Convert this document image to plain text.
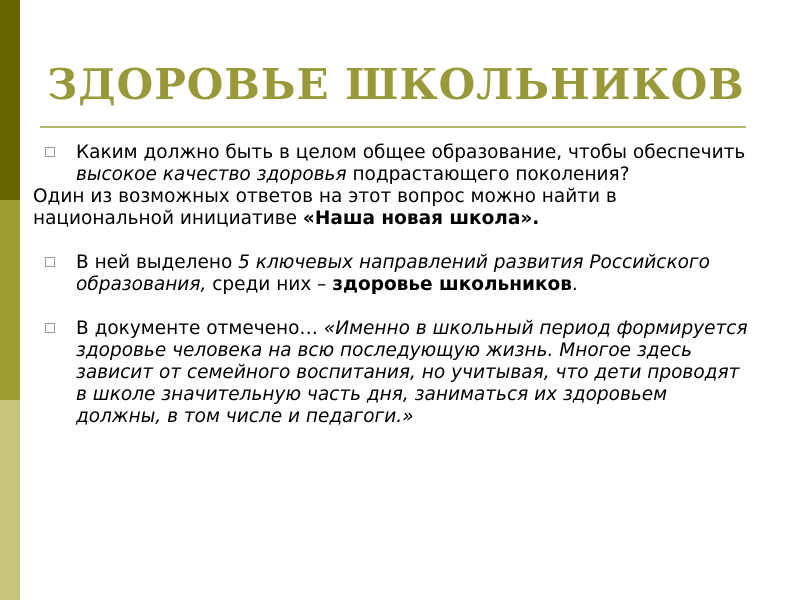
ЗДОРОВЬЕ ШКОЛЬНИКОВ

Каким должно быть в целом общее образование, чтобы обеспечить высокое качество здоровья подрастающего поколения?

Один из возможных ответов на этот вопрос можно найти в национальной инициативе «Наша новая школа».

В ней выделено 5 ключевых направлений развития Российского образования, среди них – здоровье школьников.

В документе отмечено… «Именно в школьный период формируется здоровье человека на всю последующую жизнь. Многое здесь зависит от семейного воспитания, но учитывая, что дети проводят в школе значительную часть дня, заниматься их здоровьем должны, в том числе и педагоги.»
